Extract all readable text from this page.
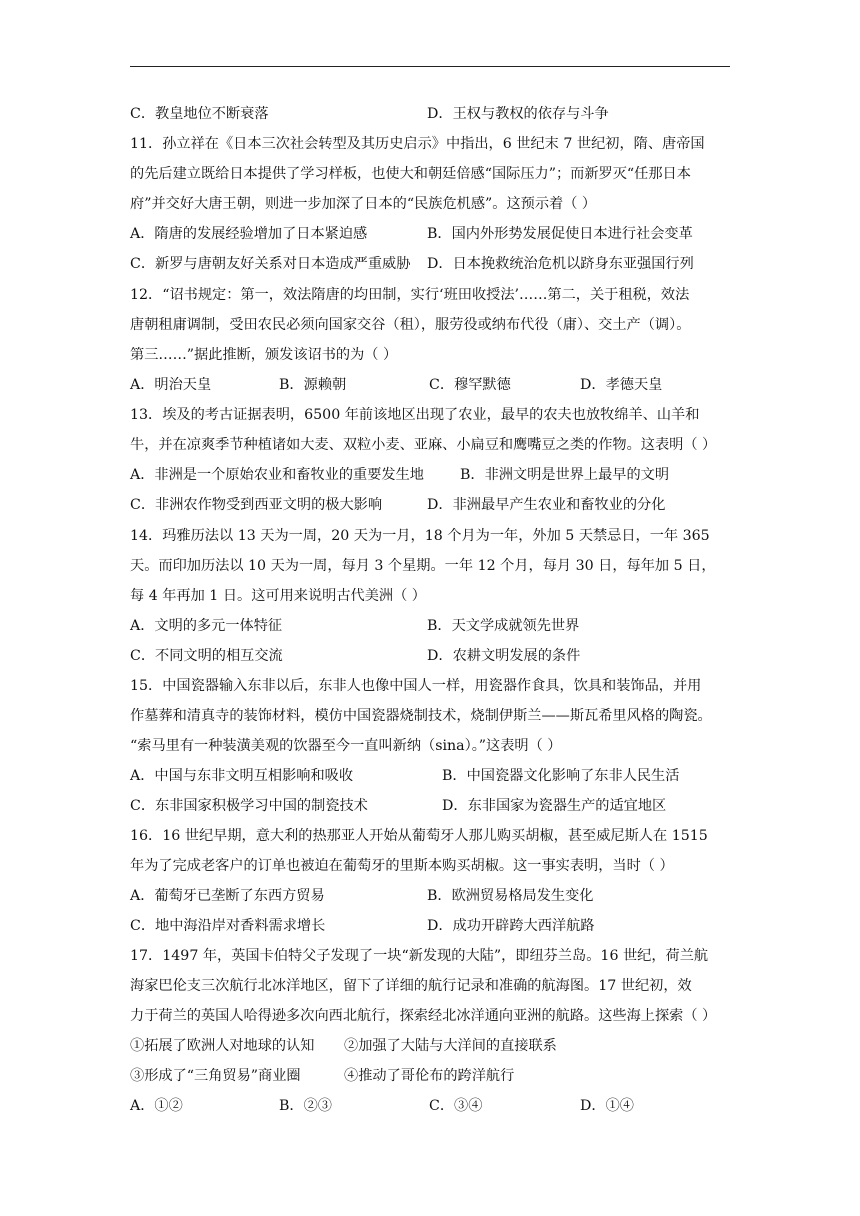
C．教皇地位不断衰落	D．王权与教权的依存与斗争
11．孙立祥在《日本三次社会转型及其历史启示》中指出，6 世纪末 7 世纪初，隋、唐帝国
的先后建立既给日本提供了学习样板，也使大和朝廷倍感“国际压力”；而新罗灭“任那日本
府”并交好大唐王朝，则进一步加深了日本的“民族危机感”。这预示着（ ）
A．隋唐的发展经验增加了日本紧迫感	B．国内外形势发展促使日本进行社会变革
C．新罗与唐朝友好关系对日本造成严重威胁 D．日本挽救统治危机以跻身东亚强国行列
12．“诏书规定：第一，效法隋唐的均田制，实行‘班田收授法’……第二，关于租税，效法
唐朝租庸调制，受田农民必须向国家交谷（租），服劳役或纳布代役（庸）、交土产（调）。
第三……”据此推断，颁发该诏书的为（ ）
A．明治天皇	B．源赖朝	C．穆罕默德	D．孝德天皇
13．埃及的考古证据表明，6500 年前该地区出现了农业，最早的农夫也放牧绵羊、山羊和
牛，并在凉爽季节种植诸如大麦、双粒小麦、亚麻、小扁豆和鹰嘴豆之类的作物。这表明（ ）
A．非洲是一个原始农业和畜牧业的重要发生地	B．非洲文明是世界上最早的文明
C．非洲农作物受到西亚文明的极大影响	D．非洲最早产生农业和畜牧业的分化
14．玛雅历法以 13 天为一周，20 天为一月，18 个月为一年，外加 5 天禁忌日，一年 365
天。而印加历法以 10 天为一周，每月 3 个星期。一年 12 个月，每月 30 日，每年加 5 日，
每 4 年再加 1 日。这可用来说明古代美洲（ ）
A．文明的多元一体特征	B．天文学成就领先世界
C．不同文明的相互交流	D．农耕文明发展的条件
15．中国瓷器输入东非以后，东非人也像中国人一样，用瓷器作食具，饮具和装饰品，并用
作墓葬和清真寺的装饰材料，模仿中国瓷器烧制技术，烧制伊斯兰——斯瓦希里风格的陶瓷。
“索马里有一种装潢美观的饮器至今一直叫新纳（sina）。”这表明（ ）
A．中国与东非文明互相影响和吸收	B．中国瓷器文化影响了东非人民生活
C．东非国家积极学习中国的制瓷技术	D．东非国家为瓷器生产的适宜地区
16．16 世纪早期，意大利的热那亚人开始从葡萄牙人那儿购买胡椒，甚至威尼斯人在 1515
年为了完成老客户的订单也被迫在葡萄牙的里斯本购买胡椒。这一事实表明，当时（ ）
A．葡萄牙已垄断了东西方贸易	B．欧洲贸易格局发生变化
C．地中海沿岸对香料需求增长	D．成功开辟跨大西洋航路
17．1497 年，英国卡伯特父子发现了一块“新发现的大陆”，即纽芬兰岛。16 世纪，荷兰航
海家巴伦支三次航行北冰洋地区，留下了详细的航行记录和准确的航海图。17 世纪初，效
力于荷兰的英国人哈得逊多次向西北航行，探索经北冰洋通向亚洲的航路。这些海上探索（ ）
①拓展了欧洲人对地球的认知 ②加强了大陆与大洋间的直接联系
③形成了“三角贸易”商业圈	④推动了哥伦布的跨洋航行
A．①②	B．②③	C．③④	D．①④
